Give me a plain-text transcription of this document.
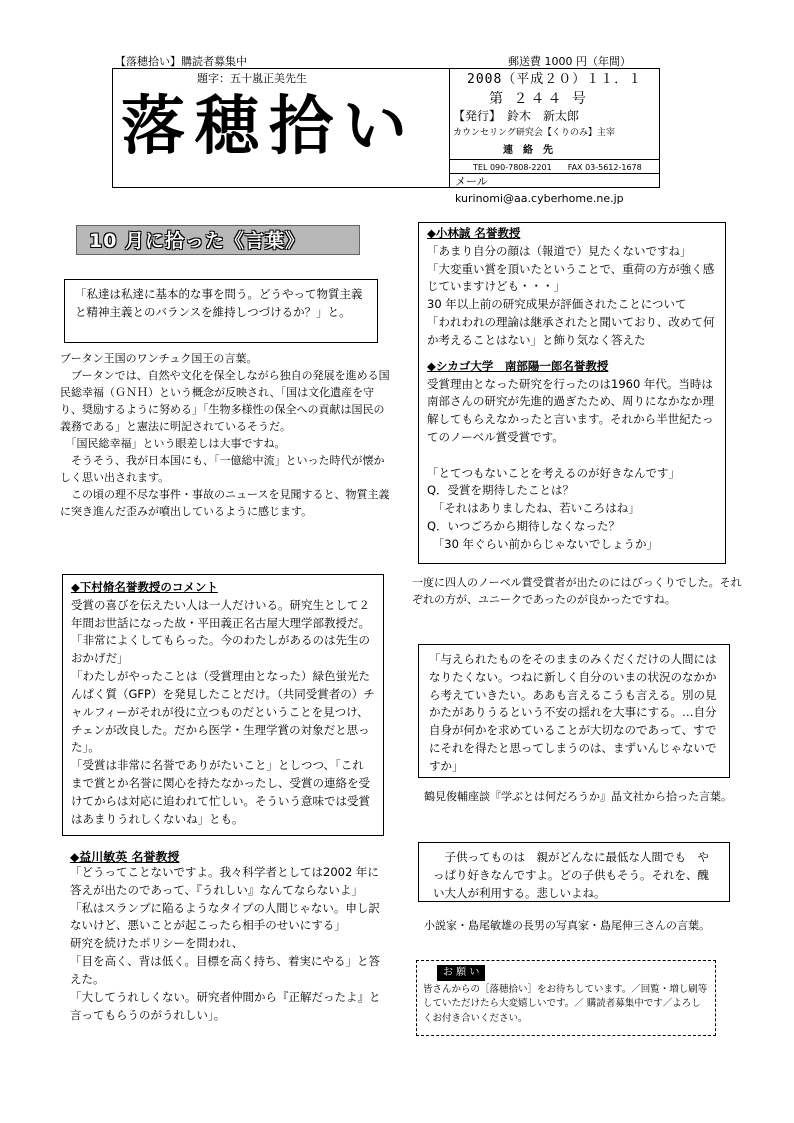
【落穂拾い】購読者募集中	郵送費 1000 円（年間）
題字：五十嵐正美先生
落穂拾い
2008（平成２０）１１．１
第 ２４４ 号
【発行】　鈴木　新太郎
カウンセリング研究会【くりのみ】主宰
連　絡　先
TEL 090-7808-2201　　FAX 03-5612-1678
メール　kurinomi@aa.cyberhome.ne.jp
10 月に拾った《言葉》

「私達は私達に基本的な事を問う。どうやって物質主義と精神主義とのバランスを維持しつづけるか？」と。

ブータン王国のワンチュク国王の言葉。

　ブータンでは、自然や文化を保全しながら独自の発展を進める国民総幸福（ＧＮＨ）という概念が反映され、「国は文化遺産を守り、奨励するように努める」「生物多様性の保全への貢献は国民の義務である」と憲法に明記されているそうだ。

　「国民総幸福」という眼差しは大事ですね。

　そうそう、我が日本国にも、「一億総中流」といった時代が懐かしく思い出されます。

　この頃の理不尽な事件・事故のニュースを見聞すると、物質主義に突き進んだ歪みが噴出しているように感じます。

◆下村脩名誉教授のコメント

受賞の喜びを伝えたい人は一人だけいる。研究生として２年間お世話になった故・平田義正名古屋大理学部教授だ。「非常によくしてもらった。今のわたしがあるのは先生のおかげだ」
「わたしがやったことは（受賞理由となった）緑色蛍光たんぱく質（GFP）を発見したことだけ。（共同受賞者の）チャルフィーがそれが役に立つものだということを見つけ、チェンが改良した。だから医学・生理学賞の対象だと思った」。
「受賞は非常に名誉でありがたいこと」としつつ、「これまで賞とか名誉に関心を持たなかったし、受賞の連絡を受けてからは対応に追われて忙しい。そういう意味では受賞はあまりうれしくないね」とも。

◆益川敏英 名誉教授

「どうってことないですよ。我々科学者としては2002 年に答えが出たのであって、『うれしい』なんてならないよ」
「私はスランプに陥るようなタイプの人間じゃない。申し訳ないけど、悪いことが起こったら相手のせいにする」
研究を続けたポリシーを問われ、
「目を高く、背は低く。目標を高く持ち、着実にやる」と答えた。
「大してうれしくない。研究者仲間から『正解だったよ』と言ってもらうのがうれしい」。

◆小林誠 名誉教授

「あまり自分の顔は（報道で）見たくないですね」
「大変重い賞を頂いたということで、重荷の方が強く感じていますけども・・・」
30 年以上前の研究成果が評価されたことについて
「われわれの理論は継承されたと聞いており、改めて何か考えることはない」と飾り気なく答えた

◆シカゴ大学　南部陽一郎名誉教授

受賞理由となった研究を行ったのは1960 年代。当時は南部さんの研究が先進的過ぎたため、周りになかなか理解してもらえなかったと言います。それから半世紀たってのノーベル賞受賞です。

「とてつもないことを考えるのが好きなんです」
Q．受賞を期待したことは？
　「それはありましたね、若いころはね」
Q．いつごろから期待しなくなった？
　「30 年ぐらい前からじゃないでしょうか」

一度に四人のノーベル賞受賞者が出たのにはびっくりでした。それぞれの方が、ユニークであったのが良かったですね。

「与えられたものをそのままのみくだくだけの人間にはなりたくない。つねに新しく自分のいまの状況のなかから考えていきたい。ああも言えるこうも言える。別の見かたがありうるという不安の揺れを大事にする。…自分自身が何かを求めていることが大切なのであって、すでにそれを得たと思ってしまうのは、まずいんじゃないですか」

鶴見俊輔座談『学ぶとは何だろうか』晶文社から拾った言葉。

　子供ってものは　親がどんなに最低な人間でも　やっぱり好きなんですよ。どの子供もそう。それを、醜い大人が利用する。悲しいよね。

小説家・島尾敏雄の長男の写真家・島尾伸三さんの言葉。
お 願 い

皆さんからの［落穂拾い］をお待ちしています。／回覧・増し刷等していただけたら大変嬉しいです。／ 購読者募集中です／よろしくお付き合いください。
